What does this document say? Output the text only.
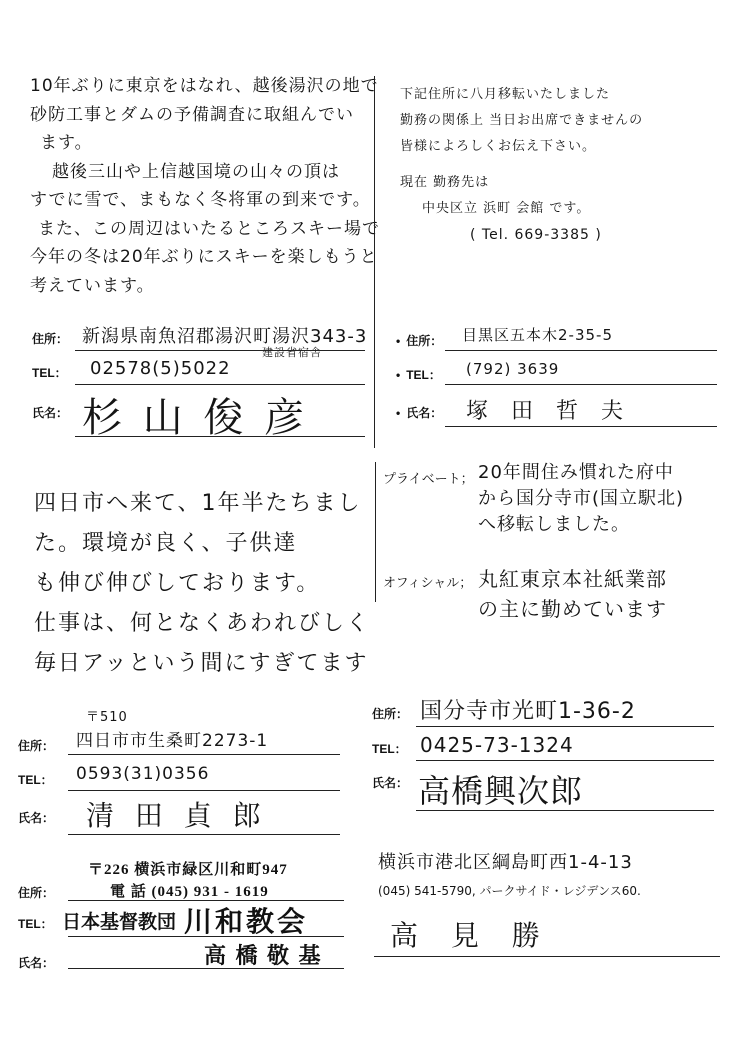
10年ぶりに東京をはなれ、越後湯沢の地で
砂防工事とダムの予備調査に取組んでい
ます。
越後三山や上信越国境の山々の頂は
すでに雪で、まもなく冬将軍の到来です。
また、この周辺はいたるところスキー場で
今年の冬は20年ぶりにスキーを楽しもうと
考えています。
住所： 新潟県南魚沼郡湯沢町湯沢343-3
建設省宿舎
TEL： 02578(5)5022
氏名： 杉 山 俊 彦
下記住所に八月移転いたしました
勤務の関係上 当日お出席できませんの
皆様によろしくお伝え下さい。
現在 勤務先は
中央区立 浜町 会館 です。
( Tel. 669-3385 )
• 住所： 目黒区五本木2-35-5
• TEL： (792) 3639
• 氏名： 塚 田 哲 夫
四日市へ来て、1年半たちまし
た。環境が良く、子供達
も伸び伸びしております。
仕事は、何となくあわれびしく
毎日アッという間にすぎてます
〒510
住所： 四日市市生桑町2273-1
TEL： 0593(31)0356
氏名： 清 田 貞 郎
プライベート； 20年間住み慣れた府中
から国分寺市(国立駅北)
へ移転しました。
オフィシャル； 丸紅東京本社紙業部
の主に勤めています
住所： 国分寺市光町1-36-2
TEL： 0425-73-1324
氏名： 高橋興次郎
〒226 横浜市緑区川和町947
住所：	電 話 (045) 931 - 1619
TEL： 日本基督教団 川和教会
氏名：	高 橋 敬 基
横浜市港北区綱島町西1-4-13
(045) 541-5790, パークサイド・レジデンス60.
高 見 勝
